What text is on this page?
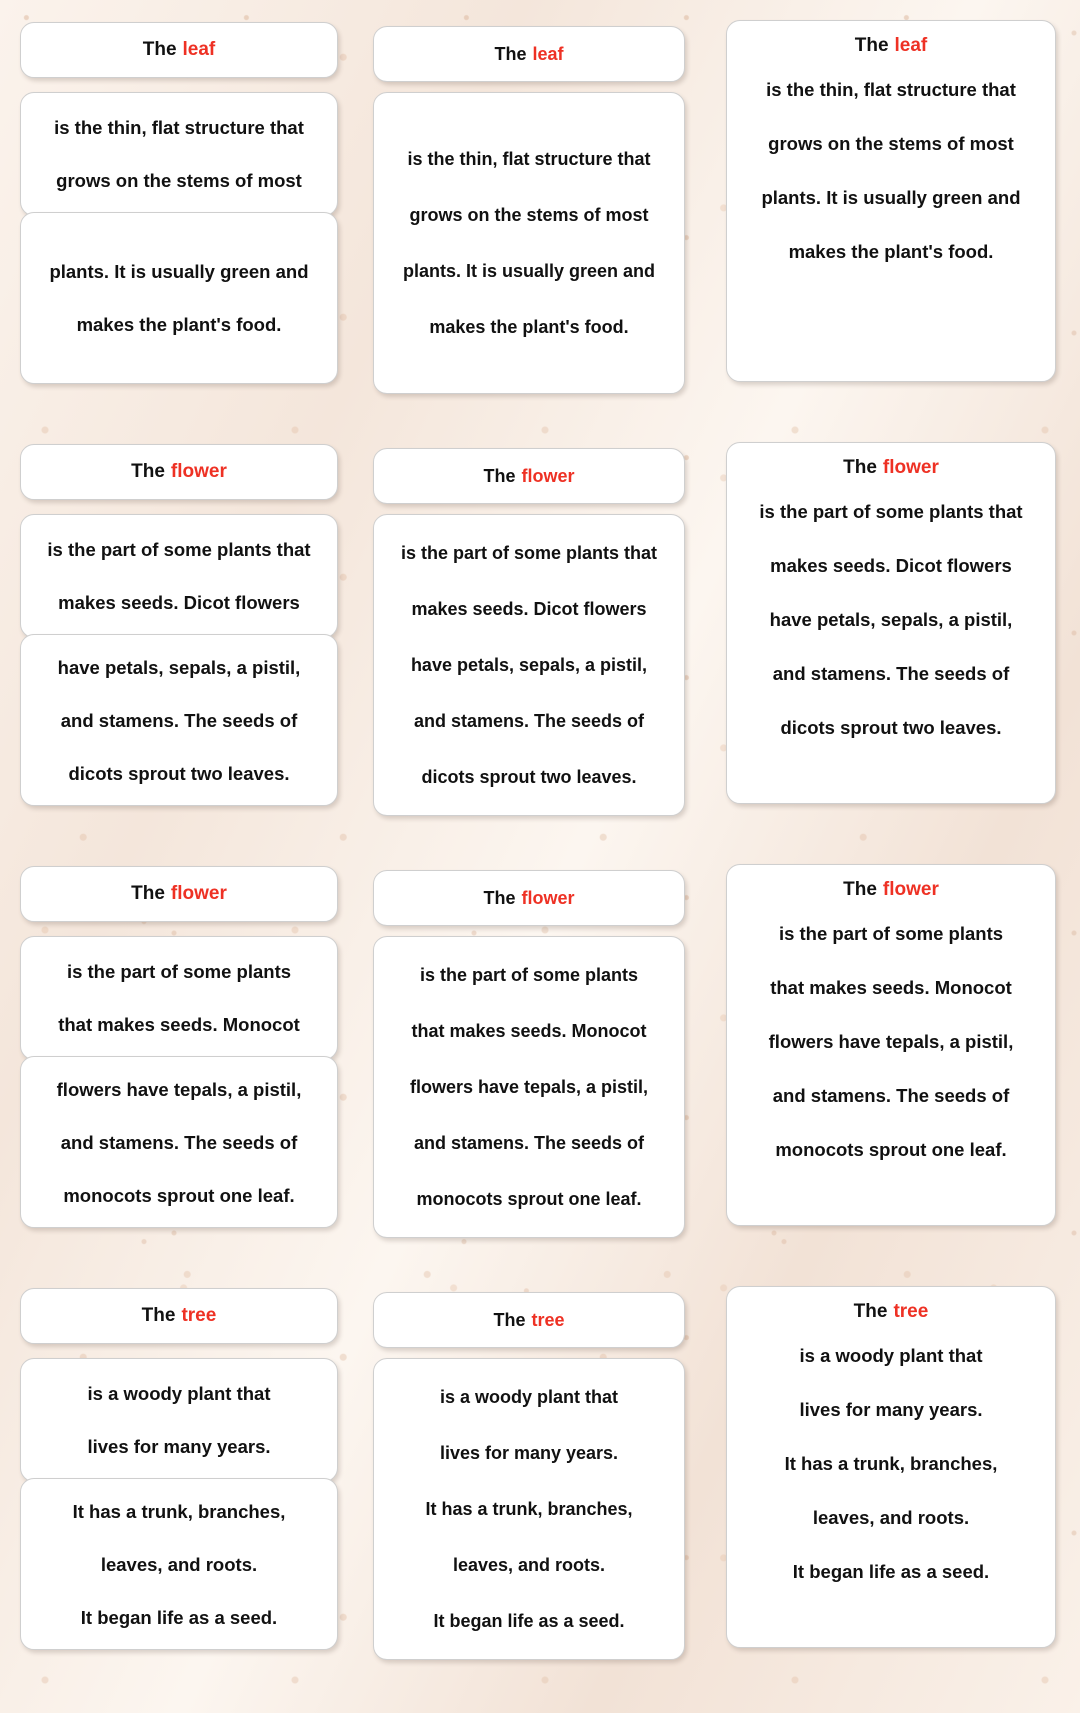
The leaf
is the thin, flat structure that
grows on the stems of most
plants. It is usually green and
makes the plant's food.
The leaf
is the thin, flat structure that
grows on the stems of most
plants. It is usually green and
makes the plant's food.
The leaf
is the thin, flat structure that
grows on the stems of most
plants. It is usually green and
makes the plant's food.
The flower
is the part of some plants that
makes seeds. Dicot flowers
have petals, sepals, a pistil,
and stamens. The seeds of
dicots sprout two leaves.
The flower
is the part of some plants that
makes seeds. Dicot flowers
have petals, sepals, a pistil,
and stamens. The seeds of
dicots sprout two leaves.
The flower
is the part of some plants that
makes seeds. Dicot flowers
have petals, sepals, a pistil,
and stamens. The seeds of
dicots sprout two leaves.
The flower
is the part of some plants
that makes seeds. Monocot
flowers have tepals, a pistil,
and stamens. The seeds of
monocots sprout one leaf.
The flower
is the part of some plants
that makes seeds. Monocot
flowers have tepals, a pistil,
and stamens. The seeds of
monocots sprout one leaf.
The flower
is the part of some plants
that makes seeds. Monocot
flowers have tepals, a pistil,
and stamens. The seeds of
monocots sprout one leaf.
The tree
is a woody plant that
lives for many years.
It has a trunk, branches,
leaves, and roots.
It began life as a seed.
The tree
is a woody plant that
lives for many years.
It has a trunk, branches,
leaves, and roots.
It began life as a seed.
The tree
is a woody plant that
lives for many years.
It has a trunk, branches,
leaves, and roots.
It began life as a seed.
